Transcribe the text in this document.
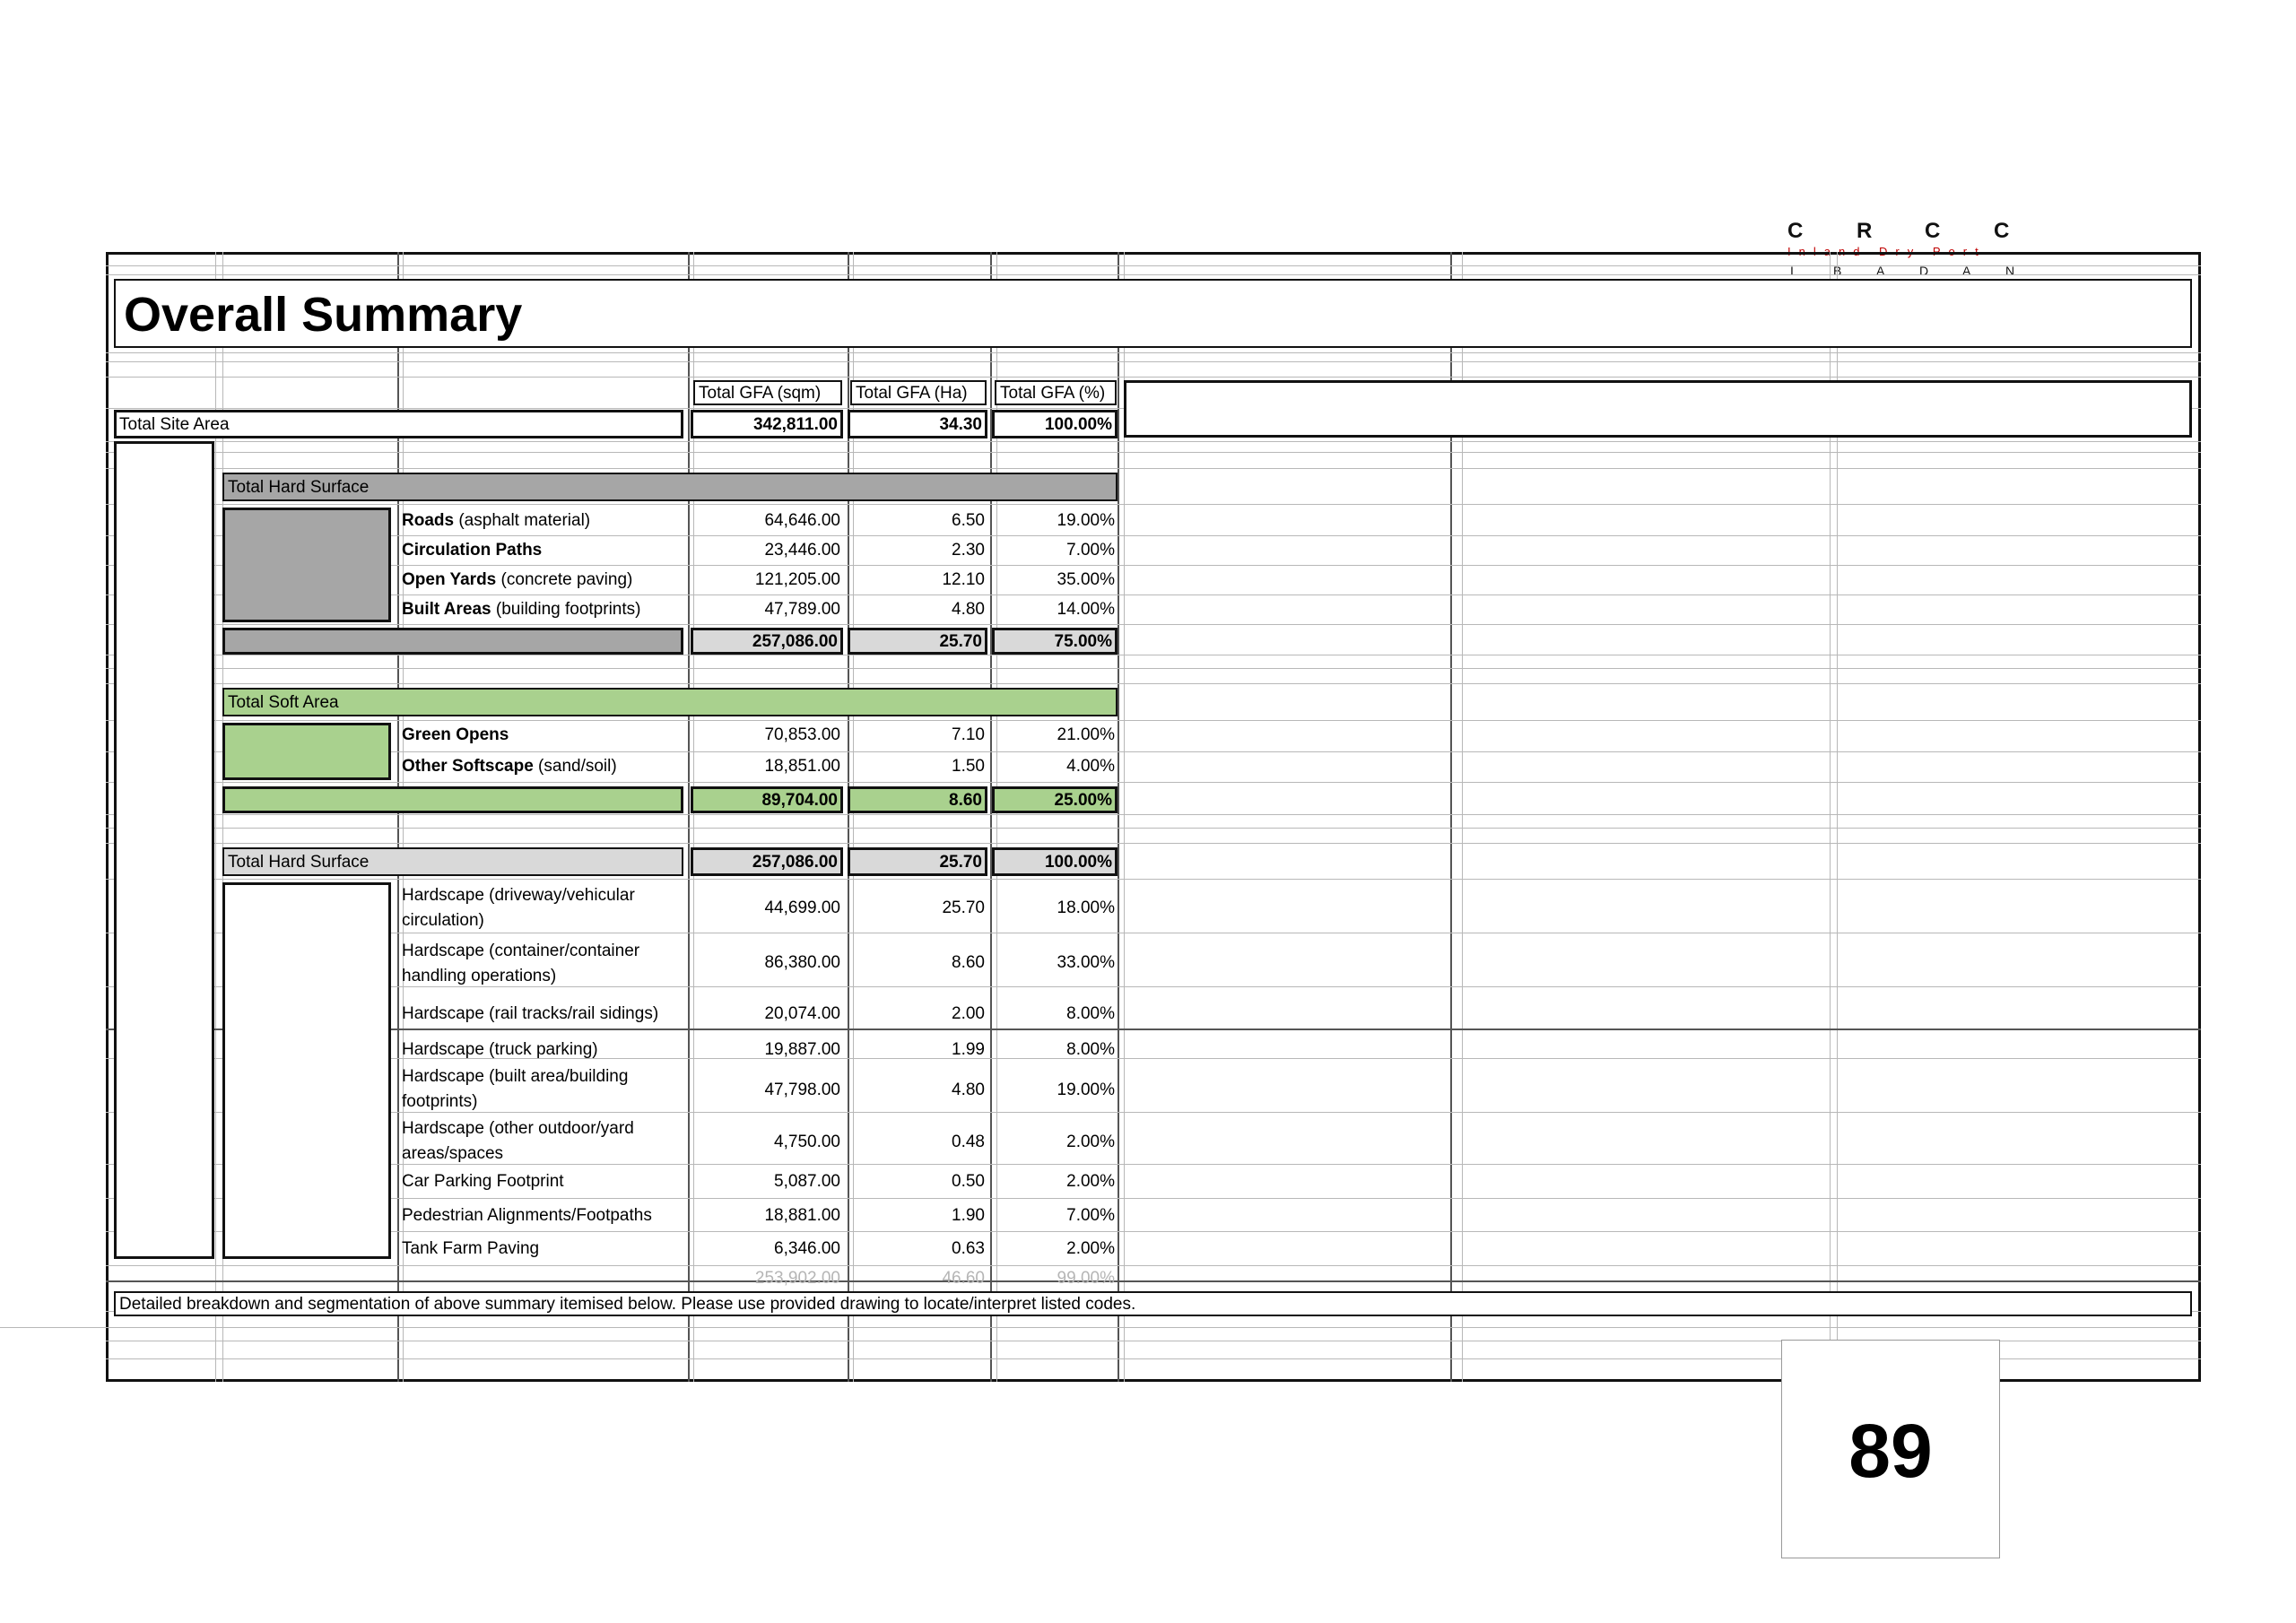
C R C C
Inland Dry Port
I	B	A	D	A	N
Overall Summary
Total GFA (sqm) Total GFA (Ha) Total GFA (%)
Total Site Area	342,811.00	34.30	100.00%
Total Hard Surface
Roads (asphalt material)	64,646.00	6.50	19.00%
Circulation Paths	23,446.00	2.30	7.00%
Open Yards (concrete paving)	121,205.00	12.10	35.00%
Built Areas (building footprints)	47,789.00	4.80	14.00%
257,086.00	25.70	75.00%
Total Soft Area
Green Opens	70,853.00	7.10	21.00%
Other Softscape (sand/soil)	18,851.00	1.50	4.00%
89,704.00	8.60	25.00%
Total Hard Surface	257,086.00	25.70	100.00%
Hardscape (driveway/vehicular
circulation)
44,699.00	25.70	18.00%
Hardscape (container/container
handling operations)
86,380.00	8.60	33.00%
Hardscape (rail tracks/rail sidings)	20,074.00	2.00	8.00%
Hardscape (truck parking)	19,887.00	1.99	8.00%
Hardscape (built area/building
footprints)
47,798.00	4.80	19.00%
Hardscape (other outdoor/yard
areas/spaces
4,750.00	0.48	2.00%
Car Parking Footprint	5,087.00	0.50	2.00%
Pedestrian Alignments/Footpaths	18,881.00	1.90	7.00%
Tank Farm Paving	6,346.00	0.63	2.00%
253,902.00	46.60	99.00%
Detailed breakdown and segmentation of above summary itemised below. Please use provided drawing to locate/interpret listed codes.
89
